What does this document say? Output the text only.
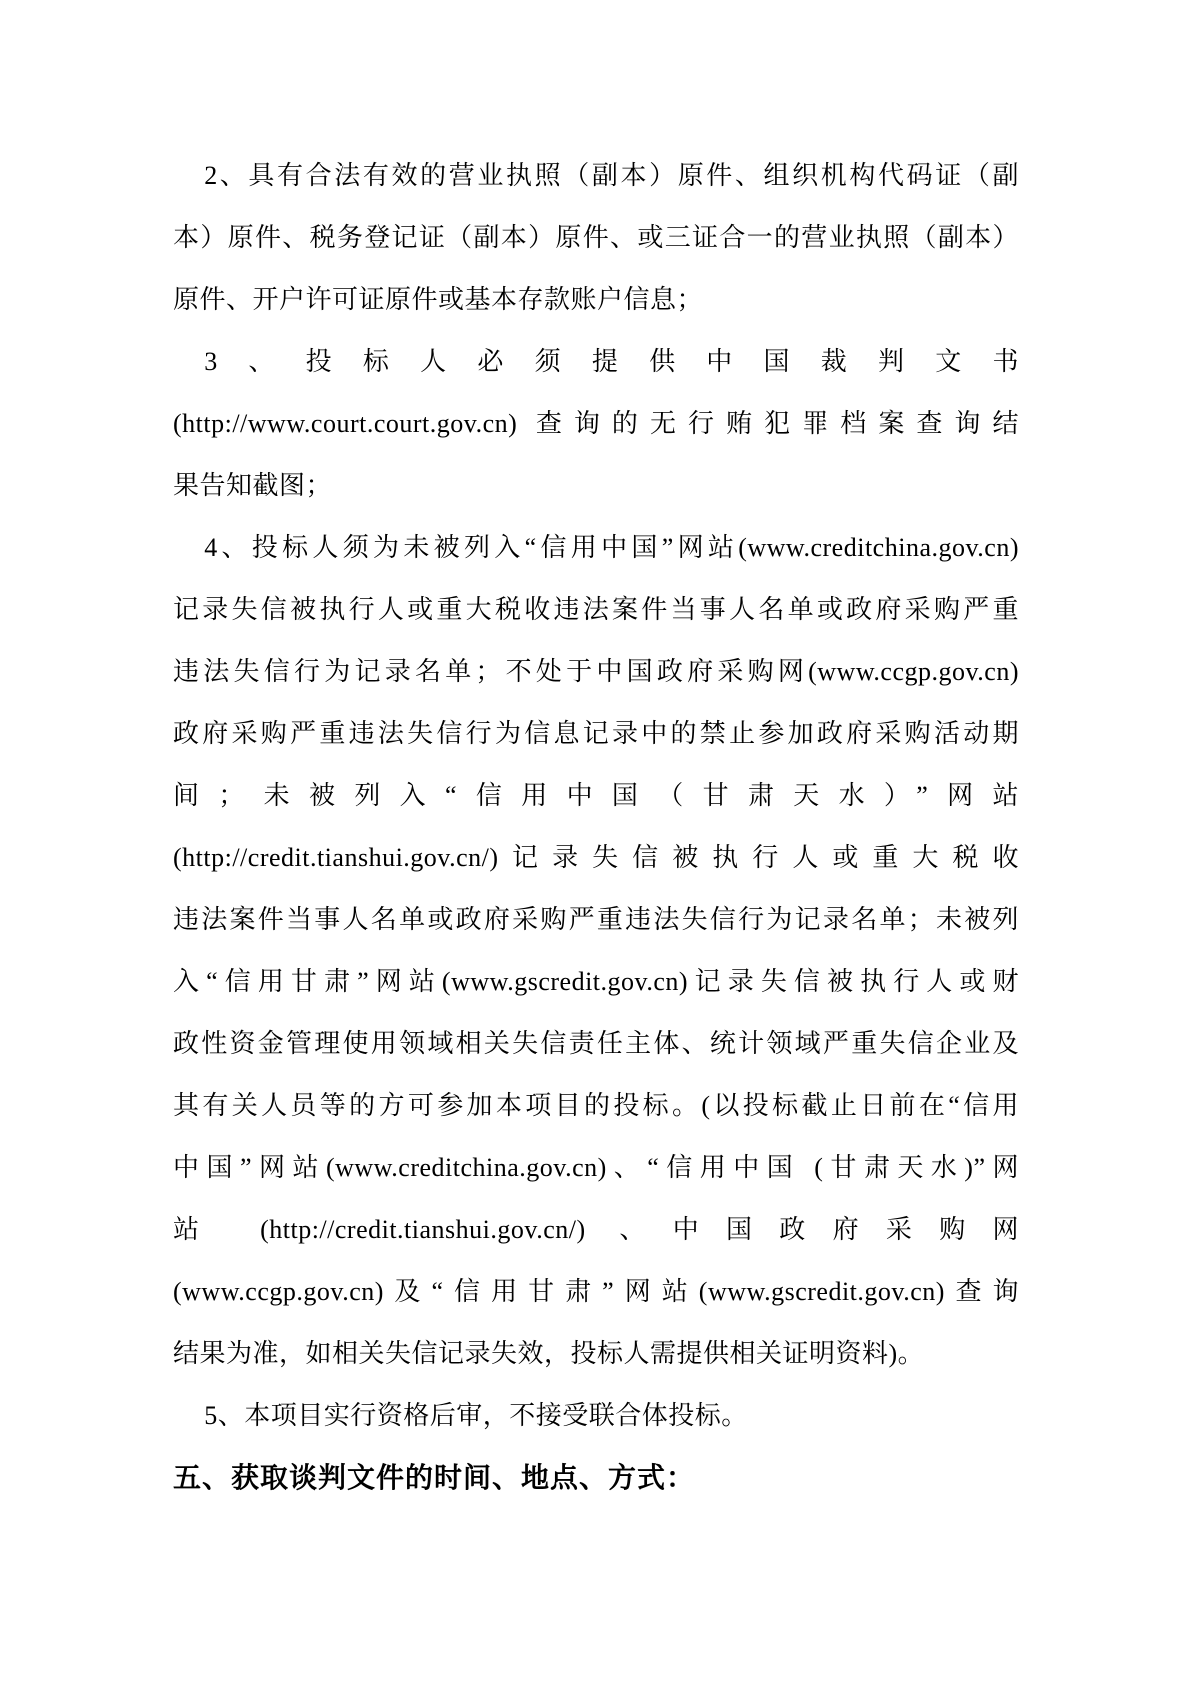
2、具有合法有效的营业执照（副本）原件、组织机构代码证（副
本）原件、税务登记证（副本）原件、或三证合一的营业执照（副本）
原件、开户许可证原件或基本存款账户信息；
3、投标人必须提供中国裁判文书
(http://www.court.court.gov.cn) 查询的无行贿犯罪档案查询结
果告知截图；
4、投标人须为未被列入“信用中国”网站(www.creditchina.gov.cn)
记录失信被执行人或重大税收违法案件当事人名单或政府采购严重
违法失信行为记录名单；不处于中国政府采购网(www.ccgp.gov.cn)
政府采购严重违法失信行为信息记录中的禁止参加政府采购活动期
间；未被列入“信用中国（甘肃天水）”网站
(http://credit.tianshui.gov.cn/)记录失信被执行人或重大税收
违法案件当事人名单或政府采购严重违法失信行为记录名单；未被列
入“信用甘肃”网站(www.gscredit.gov.cn)记录失信被执行人或财
政性资金管理使用领域相关失信责任主体、统计领域严重失信企业及
其有关人员等的方可参加本项目的投标。(以投标截止日前在“信用
中国”网站(www.creditchina.gov.cn)、“信用中国 (甘肃天水)”网
站 (http://credit.tianshui.gov.cn/) 、中国政府采购网
(www.ccgp.gov.cn)及“信用甘肃”网站(www.gscredit.gov.cn)查询
结果为准，如相关失信记录失效，投标人需提供相关证明资料)。
5、本项目实行资格后审，不接受联合体投标。
五、获取谈判文件的时间、地点、方式：
